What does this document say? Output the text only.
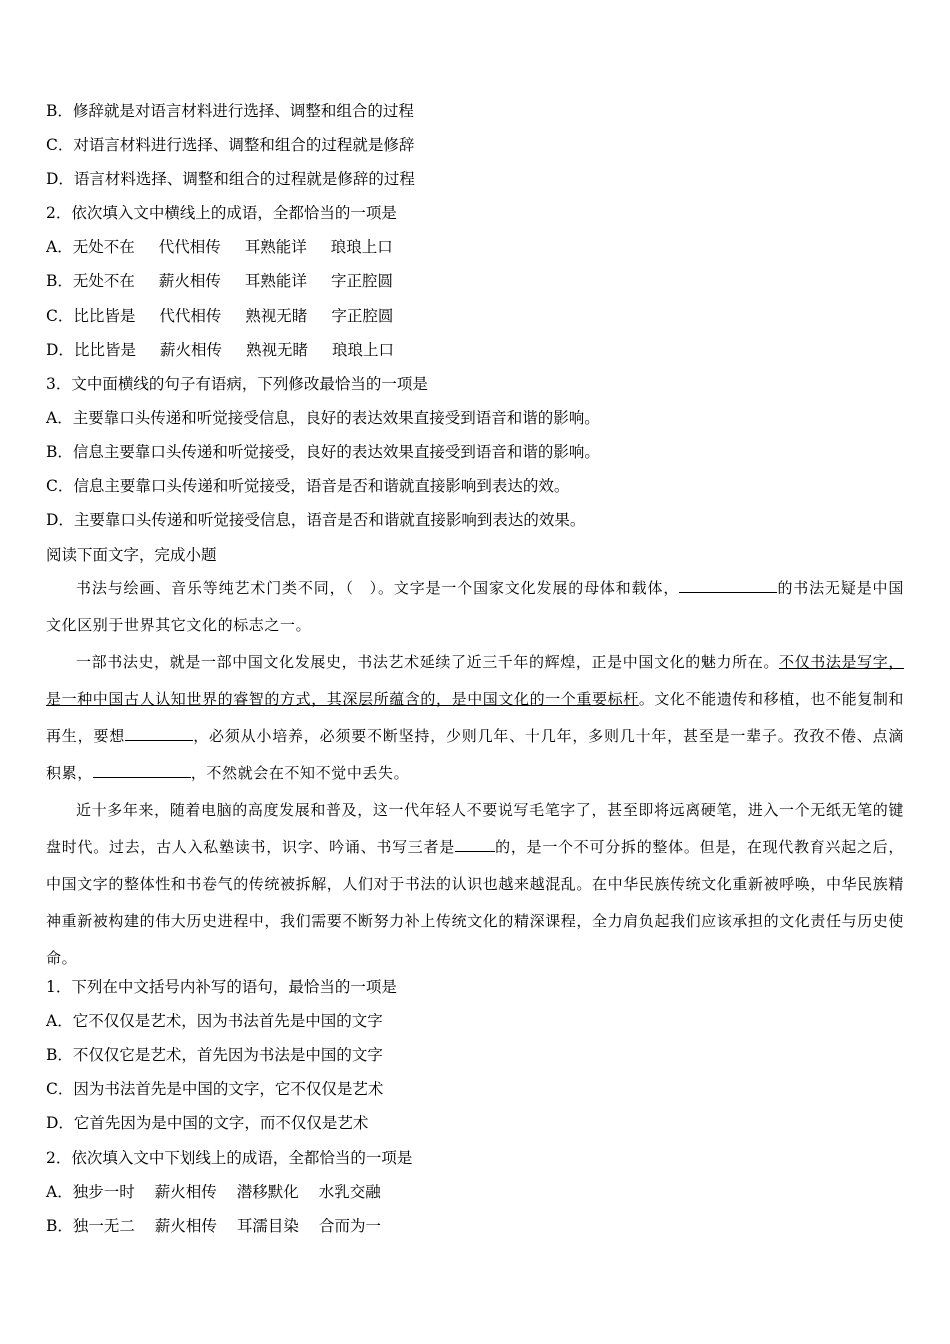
B．修辞就是对语言材料进行选择、调整和组合的过程
C．对语言材料进行选择、调整和组合的过程就是修辞
D．语言材料选择、调整和组合的过程就是修辞的过程
2．依次填入文中横线上的成语，全都恰当的一项是
A．无处不在 代代相传 耳熟能详 琅琅上口
B．无处不在 薪火相传 耳熟能详 字正腔圆
C．比比皆是 代代相传 熟视无睹 字正腔圆
D．比比皆是 薪火相传 熟视无睹 琅琅上口
3．文中面横线的句子有语病，下列修改最恰当的一项是
A．主要靠口头传递和听觉接受信息，良好的表达效果直接受到语音和谐的影响。
B．信息主要靠口头传递和听觉接受，良好的表达效果直接受到语音和谐的影响。
C．信息主要靠口头传递和听觉接受，语音是否和谐就直接影响到表达的效。
D．主要靠口头传递和听觉接受信息，语音是否和谐就直接影响到表达的效果。
阅读下面文字，完成小题
书法与绘画、音乐等纯艺术门类不同，（　）。文字是一个国家文化发展的母体和载体，	的书法无疑是中国文化区别于世界其它文化的标志之一。
一部书法史，就是一部中国文化发展史，书法艺术延续了近三千年的辉煌，正是中国文化的魅力所在。不仅书法是写字，是一种中国古人认知世界的睿智的方式，其深层所蕴含的，是中国文化的一个重要标杆。文化不能遗传和移植，也不能复制和再生，要想	，必须从小培养，必须要不断坚持，少则几年、十几年，多则几十年，甚至是一辈子。孜孜不倦、点滴积累，	，不然就会在不知不觉中丢失。
近十多年来，随着电脑的高度发展和普及，这一代年轻人不要说写毛笔字了，甚至即将远离硬笔，进入一个无纸无笔的键盘时代。过去，古人入私塾读书，识字、吟诵、书写三者是	的，是一个不可分拆的整体。但是，在现代教育兴起之后，中国文字的整体性和书卷气的传统被拆解，人们对于书法的认识也越来越混乱。在中华民族传统文化重新被呼唤，中华民族精神重新被构建的伟大历史进程中，我们需要不断努力补上传统文化的精深课程，全力肩负起我们应该承担的文化责任与历史使命。
1．下列在中文括号内补写的语句，最恰当的一项是
A．它不仅仅是艺术，因为书法首先是中国的文字
B．不仅仅它是艺术，首先因为书法是中国的文字
C．因为书法首先是中国的文字，它不仅仅是艺术
D．它首先因为是中国的文字，而不仅仅是艺术
2．依次填入文中下划线上的成语，全都恰当的一项是
A．独步一时 薪火相传 潜移默化 水乳交融
B．独一无二 薪火相传 耳濡目染 合而为一
